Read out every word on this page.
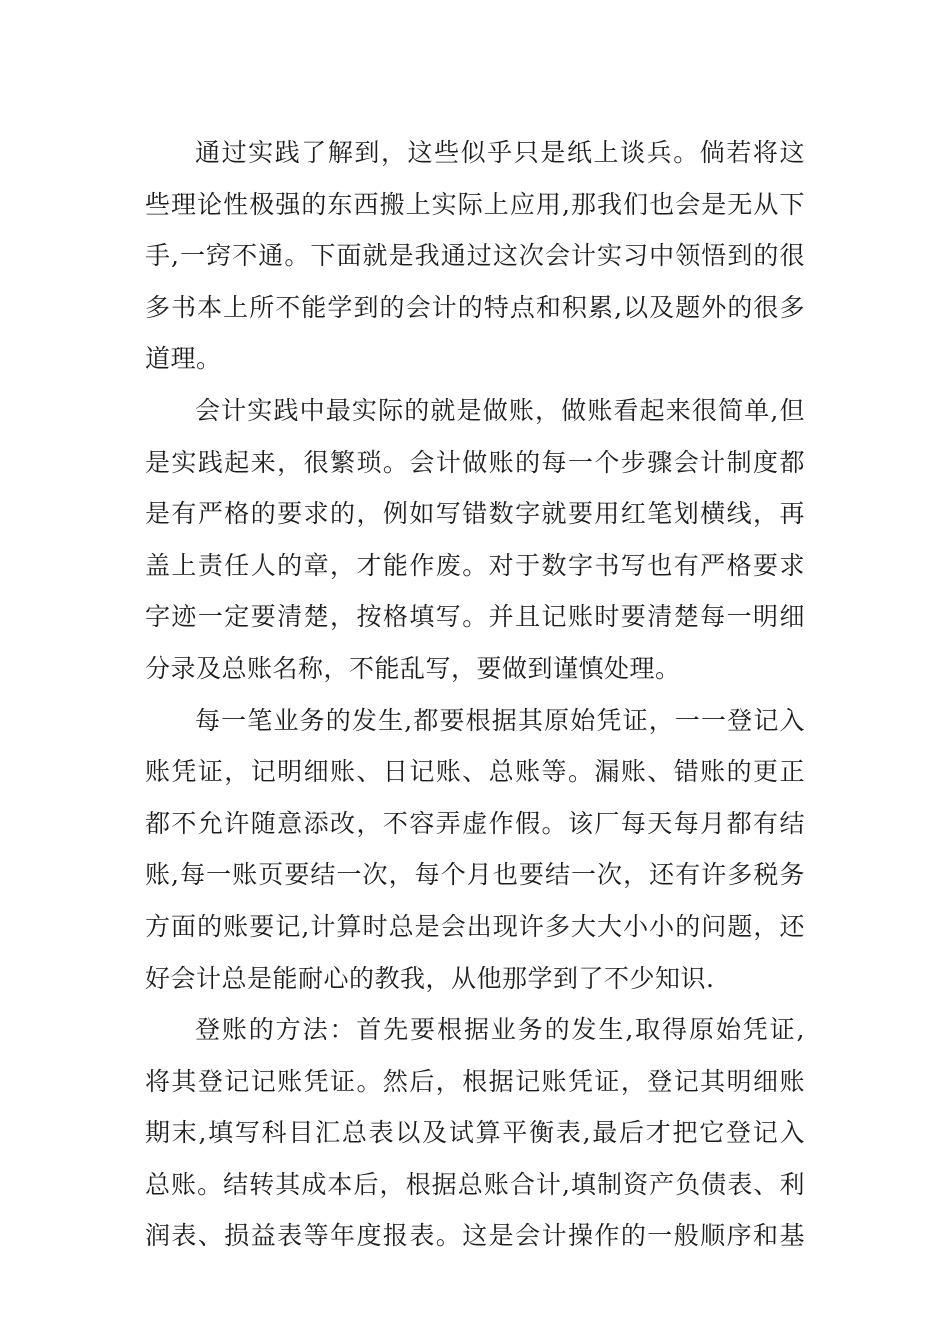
通过实践了解到，这些似乎只是纸上谈兵。倘若将这
些理论性极强的东西搬上实际上应用,那我们也会是无从下
手,一窍不通。下面就是我通过这次会计实习中领悟到的很
多书本上所不能学到的会计的特点和积累,以及题外的很多
道理。
会计实践中最实际的就是做账，做账看起来很简单,但
是实践起来，很繁琐。会计做账的每一个步骤会计制度都
是有严格的要求的，例如写错数字就要用红笔划横线，再
盖上责任人的章，才能作废。对于数字书写也有严格要求
字迹一定要清楚，按格填写。并且记账时要清楚每一明细
分录及总账名称，不能乱写，要做到谨慎处理。
每一笔业务的发生,都要根据其原始凭证，一一登记入
账凭证，记明细账、日记账、总账等。漏账、错账的更正
都不允许随意添改，不容弄虚作假。该厂每天每月都有结
账,每一账页要结一次，每个月也要结一次，还有许多税务
方面的账要记,计算时总是会出现许多大大小小的问题，还
好会计总是能耐心的教我，从他那学到了不少知识.
登账的方法：首先要根据业务的发生,取得原始凭证,
将其登记记账凭证。然后，根据记账凭证，登记其明细账
期末,填写科目汇总表以及试算平衡表,最后才把它登记入
总账。结转其成本后，根据总账合计,填制资产负债表、利
润表、损益表等年度报表。这是会计操作的一般顺序和基
